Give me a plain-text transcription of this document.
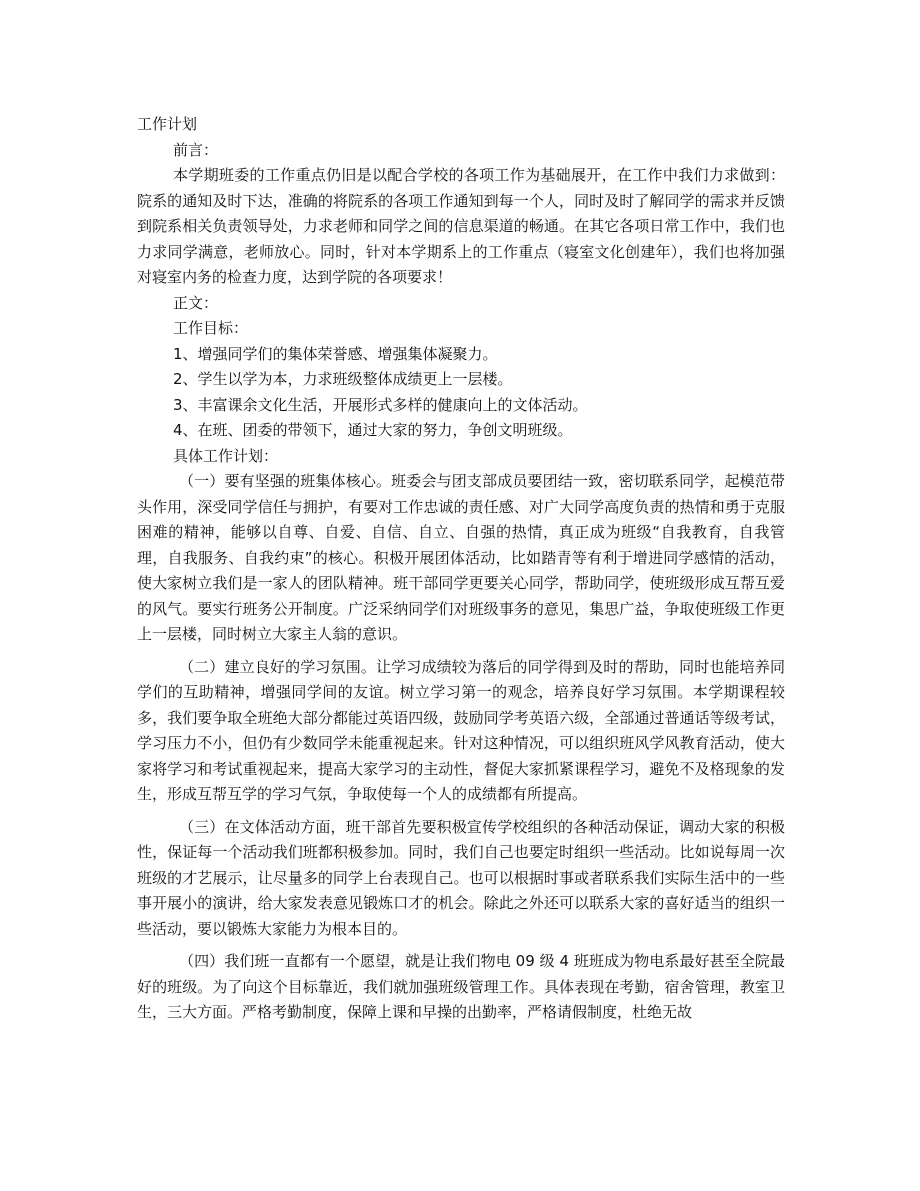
工作计划

前言：

本学期班委的工作重点仍旧是以配合学校的各项工作为基础展开，在工作中我们力求做到：院系的通知及时下达，准确的将院系的各项工作通知到每一个人，同时及时了解同学的需求并反馈到院系相关负责领导处，力求老师和同学之间的信息渠道的畅通。在其它各项日常工作中，我们也力求同学满意，老师放心。同时，针对本学期系上的工作重点（寝室文化创建年），我们也将加强对寝室内务的检查力度，达到学院的各项要求！

正文：

工作目标：

1、增强同学们的集体荣誉感、增强集体凝聚力。

2、学生以学为本，力求班级整体成绩更上一层楼。

3、丰富课余文化生活，开展形式多样的健康向上的文体活动。

4、在班、团委的带领下，通过大家的努力，争创文明班级。

具体工作计划：

（一）要有坚强的班集体核心。班委会与团支部成员要团结一致，密切联系同学，起模范带头作用，深受同学信任与拥护，有要对工作忠诚的责任感、对广大同学高度负责的热情和勇于克服困难的精神，能够以自尊、自爱、自信、自立、自强的热情，真正成为班级“自我教育，自我管理，自我服务、自我约束”的核心。积极开展团体活动，比如踏青等有利于增进同学感情的活动，使大家树立我们是一家人的团队精神。班干部同学更要关心同学，帮助同学，使班级形成互帮互爱的风气。要实行班务公开制度。广泛采纳同学们对班级事务的意见，集思广益，争取使班级工作更上一层楼，同时树立大家主人翁的意识。

（二）建立良好的学习氛围。让学习成绩较为落后的同学得到及时的帮助，同时也能培养同学们的互助精神，增强同学间的友谊。树立学习第一的观念，培养良好学习氛围。本学期课程较多，我们要争取全班绝大部分都能过英语四级，鼓励同学考英语六级，全部通过普通话等级考试，学习压力不小，但仍有少数同学未能重视起来。针对这种情况，可以组织班风学风教育活动，使大家将学习和考试重视起来，提高大家学习的主动性，督促大家抓紧课程学习，避免不及格现象的发生，形成互帮互学的学习气氛，争取使每一个人的成绩都有所提高。

（三）在文体活动方面，班干部首先要积极宣传学校组织的各种活动保证，调动大家的积极性，保证每一个活动我们班都积极参加。同时，我们自己也要定时组织一些活动。比如说每周一次班级的才艺展示，让尽量多的同学上台表现自己。也可以根据时事或者联系我们实际生活中的一些事开展小的演讲，给大家发表意见锻炼口才的机会。除此之外还可以联系大家的喜好适当的组织一些活动，要以锻炼大家能力为根本目的。

（四）我们班一直都有一个愿望，就是让我们物电 09 级 4 班班成为物电系最好甚至全院最好的班级。为了向这个目标靠近，我们就加强班级管理工作。具体表现在考勤，宿舍管理，教室卫生，三大方面。严格考勤制度，保障上课和早操的出勤率，严格请假制度，杜绝无故
